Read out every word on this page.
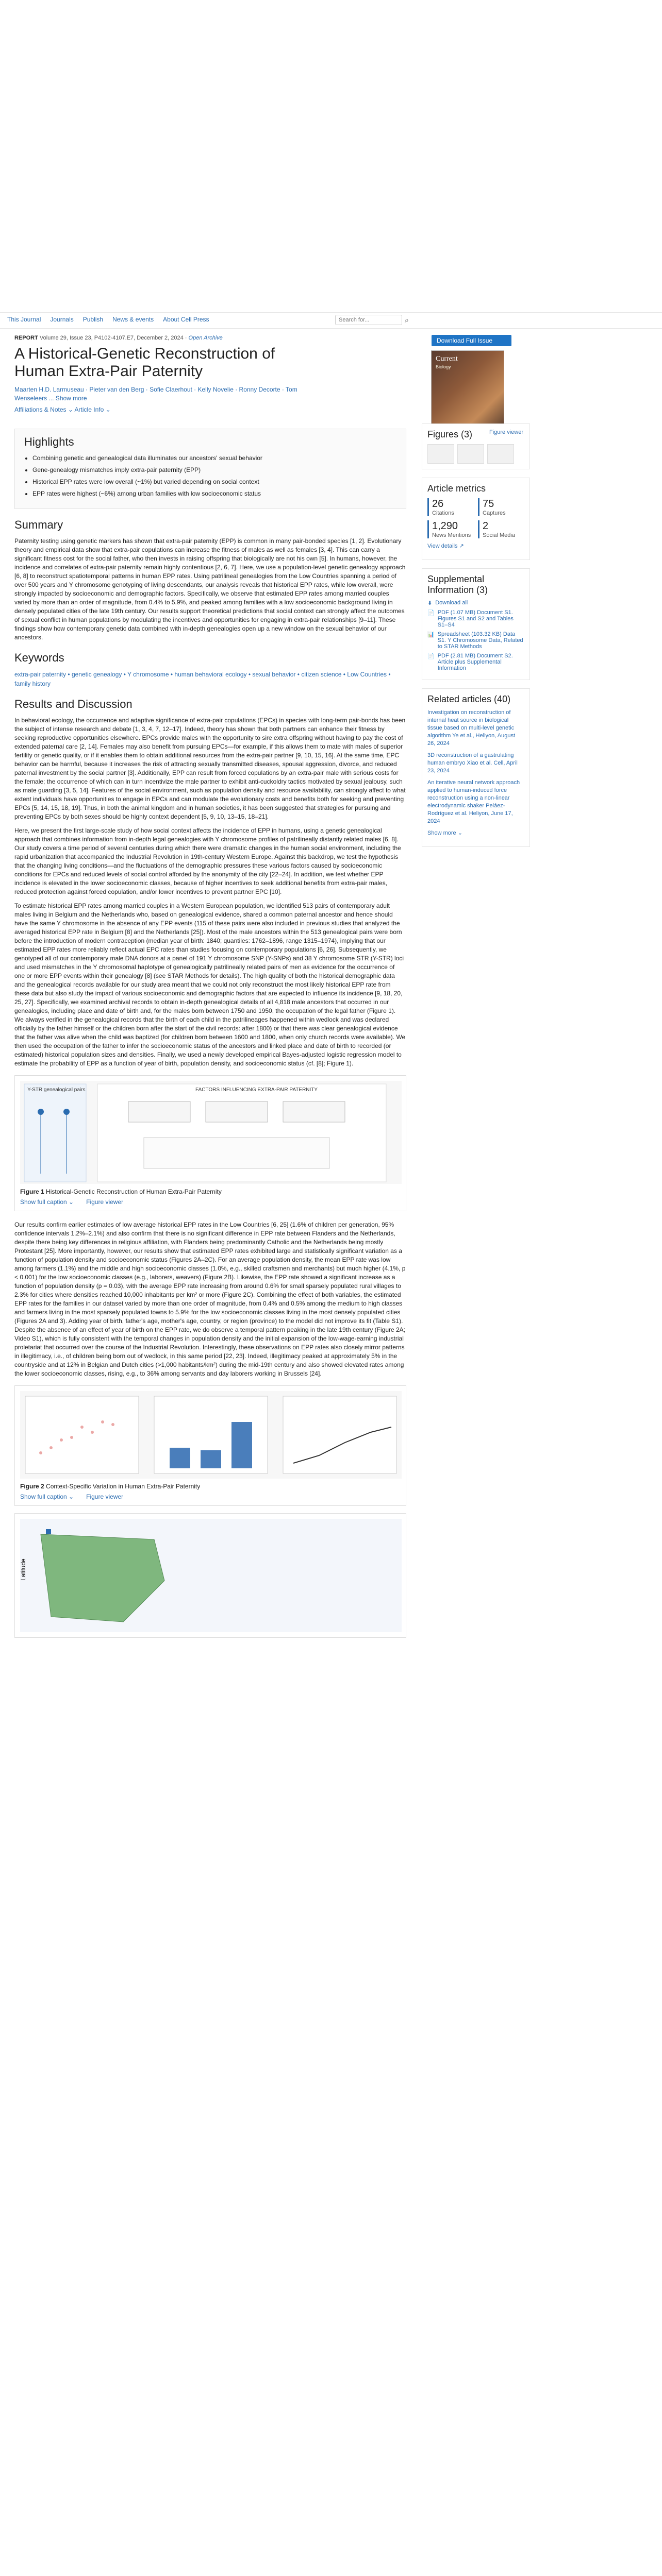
This Journal Journals Publish News & events About Cell Press
Search for...	⌕
Download Full Issue
Current
Biology
REPORT Volume 29, Issue 23, P4102-4107.E7, December 2, 2024 · Open Archive
A Historical-Genetic Reconstruction of Human Extra-Pair Paternity
Maarten H.D. Larmuseau · Pieter van den Berg · Sofie Claerhout · Kelly Novelie · Ronny Decorte · Tom Wenseleers ... Show more
Affiliations & Notes ⌄ Article Info ⌄
Highlights
• Combining genetic and genealogical data illuminates our ancestors' sexual behavior
• Gene-genealogy mismatches imply extra-pair paternity (EPP)
• Historical EPP rates were low overall (~1%) but varied depending on social context
• EPP rates were highest (~6%) among urban families with low socioeconomic status
Summary

Paternity testing using genetic markers has shown that extra-pair paternity (EPP) is common in many pair-bonded species [1, 2]. Evolutionary theory and empirical data show that extra-pair copulations can increase the fitness of males as well as females [3, 4]. This can carry a significant fitness cost for the social father, who then invests in raising offspring that biologically are not his own [5]. In humans, however, the incidence and correlates of extra-pair paternity remain highly contentious [2, 6, 7]. Here, we use a population-level genetic genealogy approach [6, 8] to reconstruct spatiotemporal patterns in human EPP rates. Using patrilineal genealogies from the Low Countries spanning a period of over 500 years and Y chromosome genotyping of living descendants, our analysis reveals that historical EPP rates, while low overall, were strongly impacted by socioeconomic and demographic factors. Specifically, we observe that estimated EPP rates among married couples varied by more than an order of magnitude, from 0.4% to 5.9%, and peaked among families with a low socioeconomic background living in densely populated cities of the late 19th century. Our results support theoretical predictions that social context can strongly affect the outcomes of sexual conflict in human populations by modulating the incentives and opportunities for engaging in extra-pair relationships [9–11]. These findings show how contemporary genetic data combined with in-depth genealogies open up a new window on the sexual behavior of our ancestors.

Keywords
extra-pair paternity • genetic genealogy • Y chromosome • human behavioral ecology • sexual behavior • citizen science • Low Countries • family history
Results and Discussion

In behavioral ecology, the occurrence and adaptive significance of extra-pair copulations (EPCs) in species with long-term pair-bonds has been the subject of intense research and debate [1, 3, 4, 7, 12–17]. Indeed, theory has shown that both partners can enhance their fitness by seeking reproductive opportunities elsewhere. EPCs provide males with the opportunity to sire extra offspring without having to pay the cost of extended paternal care [2, 14]. Females may also benefit from pursuing EPCs—for example, if this allows them to mate with males of superior fertility or genetic quality, or if it enables them to obtain additional resources from the extra-pair partner [9, 10, 15, 16]. At the same time, EPC behavior can be harmful, because it increases the risk of attracting sexually transmitted diseases, spousal aggression, divorce, and reduced paternal investment by the social partner [3]. Additionally, EPP can result from forced copulations by an extra-pair male with serious costs for the female; the occurrence of which can in turn incentivize the male partner to exhibit anti-cuckoldry tactics motivated by sexual jealousy, such as mate guarding [3, 5, 14]. Features of the social environment, such as population density and resource availability, can strongly affect to what extent individuals have opportunities to engage in EPCs and can modulate the evolutionary costs and benefits both for seeking and preventing EPCs [5, 14, 15, 18, 19]. Thus, in both the animal kingdom and in human societies, it has been suggested that strategies for pursuing and preventing EPCs by both sexes should be highly context dependent [5, 9, 10, 13–15, 18–21].

Here, we present the first large-scale study of how social context affects the incidence of EPP in humans, using a genetic genealogical approach that combines information from in-depth legal genealogies with Y chromosome profiles of patrilineally distantly related males [6, 8]. Our study covers a time period of several centuries during which there were dramatic changes in the human social environment, including the rapid urbanization that accompanied the Industrial Revolution in 19th-century Western Europe. Against this backdrop, we test the hypothesis that the changing living conditions—and the fluctuations of the demographic pressures these various factors caused by socioeconomic conditions for EPCs and reduced levels of social control afforded by the anonymity of the city [22–24]. In addition, we test whether EPP incidence is elevated in the lower socioeconomic classes, because of higher incentives to seek additional benefits from extra-pair males, reduced protection against forced copulation, and/or lower incentives to prevent partner EPC [10].

To estimate historical EPP rates among married couples in a Western European population, we identified 513 pairs of contemporary adult males living in Belgium and the Netherlands who, based on genealogical evidence, shared a common paternal ancestor and hence should have the same Y chromosome in the absence of any EPP events (115 of these pairs were also included in previous studies that analyzed the averaged historical EPP rate in Belgium [8] and the Netherlands [25]). Most of the male ancestors within the 513 genealogical pairs were born before the introduction of modern contraception (median year of birth: 1840; quantiles: 1762–1896, range 1315–1974), implying that our estimated EPP rates more reliably reflect actual EPC rates than studies focusing on contemporary populations [6, 26]. Subsequently, we genotyped all of our contemporary male DNA donors at a panel of 191 Y chromosome SNP (Y-SNPs) and 38 Y chromosome STR (Y-STR) loci and used mismatches in the Y chromosomal haplotype of genealogically patrilineally related pairs of men as evidence for the occurrence of one or more EPP events within their genealogy [8] (see STAR Methods for details). The high quality of both the historical demographic data and the genealogical records available for our study area meant that we could not only reconstruct the most likely historical EPP rate from these data but also study the impact of various socioeconomic and demographic factors that are expected to influence its incidence [9, 18, 20, 25, 27]. Specifically, we examined archival records to obtain in-depth genealogical details of all 4,818 male ancestors that occurred in our genealogies, including place and date of birth and, for the males born between 1750 and 1950, the occupation of the legal father (Figure 1). We always verified in the genealogical records that the birth of each child in the patrilineages happened within wedlock and was declared officially by the father himself or the children born after the start of the civil records: after 1800) or that there was clear genealogical evidence that the father was alive when the child was baptized (for children born between 1600 and 1800, when only church records were available). We then used the occupation of the father to infer the socioeconomic status of the ancestors and linked place and date of birth to recorded (or estimated) historical population sizes and densities. Finally, we used a newly developed empirical Bayes-adjusted logistic regression model to estimate the probability of EPP as a function of year of birth, population density, and socioeconomic status (cf. [8]; Figure 1).

Y-STR genealogical pairs	FACTORS INFLUENCING EXTRA-PAIR PATERNITY
Figure 1 Historical-Genetic Reconstruction of Human Extra-Pair Paternity
Show full caption ⌄ Figure viewer

Our results confirm earlier estimates of low average historical EPP rates in the Low Countries [6, 25] (1.6% of children per generation, 95% confidence intervals 1.2%–2.1%) and also confirm that there is no significant difference in EPP rate between Flanders and the Netherlands, despite there being key differences in religious affiliation, with Flanders being predominantly Catholic and the Netherlands being mostly Protestant [25]. More importantly, however, our results show that estimated EPP rates exhibited large and statistically significant variation as a function of population density and socioeconomic status (Figures 2A–2C). For an average population density, the mean EPP rate was low among farmers (1.1%) and the middle and high socioeconomic classes (1.0%, e.g., skilled craftsmen and merchants) but much higher (4.1%, p < 0.001) for the low socioeconomic classes (e.g., laborers, weavers) (Figure 2B). Likewise, the EPP rate showed a significant increase as a function of population density (p = 0.03), with the average EPP rate increasing from around 0.6% for small sparsely populated rural villages to 2.3% for cities where densities reached 10,000 inhabitants per km² or more (Figure 2C). Combining the effect of both variables, the estimated EPP rates for the families in our dataset varied by more than one order of magnitude, from 0.4% and 0.5% among the medium to high classes and farmers living in the most sparsely populated towns to 5.9% for the low socioeconomic classes living in the most densely populated cities (Figures 2A and 3). Adding year of birth, father's age, mother's age, country, or region (province) to the model did not improve its fit (Table S1). Despite the absence of an effect of year of birth on the EPP rate, we do observe a temporal pattern peaking in the late 19th century (Figure 2A; Video S1), which is fully consistent with the temporal changes in population density and the initial expansion of the low-wage-earning industrial proletariat that occurred over the course of the Industrial Revolution. Interestingly, these observations on EPP rates also closely mirror patterns in illegitimacy, i.e., of children being born out of wedlock, in this same period [22, 23]. Indeed, illegitimacy peaked at approximately 5% in the countryside and at 12% in Belgian and Dutch cities (>1,000 habitants/km²) during the mid-19th century and also showed elevated rates among the lower socioeconomic classes, rising, e.g., to 36% among servants and day laborers working in Brussels [24].

Figure 2 Context-Specific Variation in Human Extra-Pair Paternity
Show full caption ⌄ Figure viewer
Latitude
Figures (3)	Figure viewer
Article metrics
26
Citations
75
Captures
1,290
News Mentions
2
Social Media
View details ↗
Supplemental Information (3)
⬇ Download all
📄 PDF (1.07 MB) Document S1. Figures S1 and S2 and Tables S1–S4
📊 Spreadsheet (103.32 KB) Data S1. Y Chromosome Data, Related to STAR Methods
📄 PDF (2.81 MB) Document S2. Article plus Supplemental Information
Related articles (40)
Investigation on reconstruction of internal heat source in biological tissue based on multi-level genetic algorithm Ye et al., Heliyon, August 26, 2024
3D reconstruction of a gastrulating human embryo Xiao et al. Cell, April 23, 2024
An iterative neural network approach applied to human-induced force reconstruction using a non-linear electrodynamic shaker Peláez-Rodríguez et al. Heliyon, June 17, 2024
Show more ⌄
